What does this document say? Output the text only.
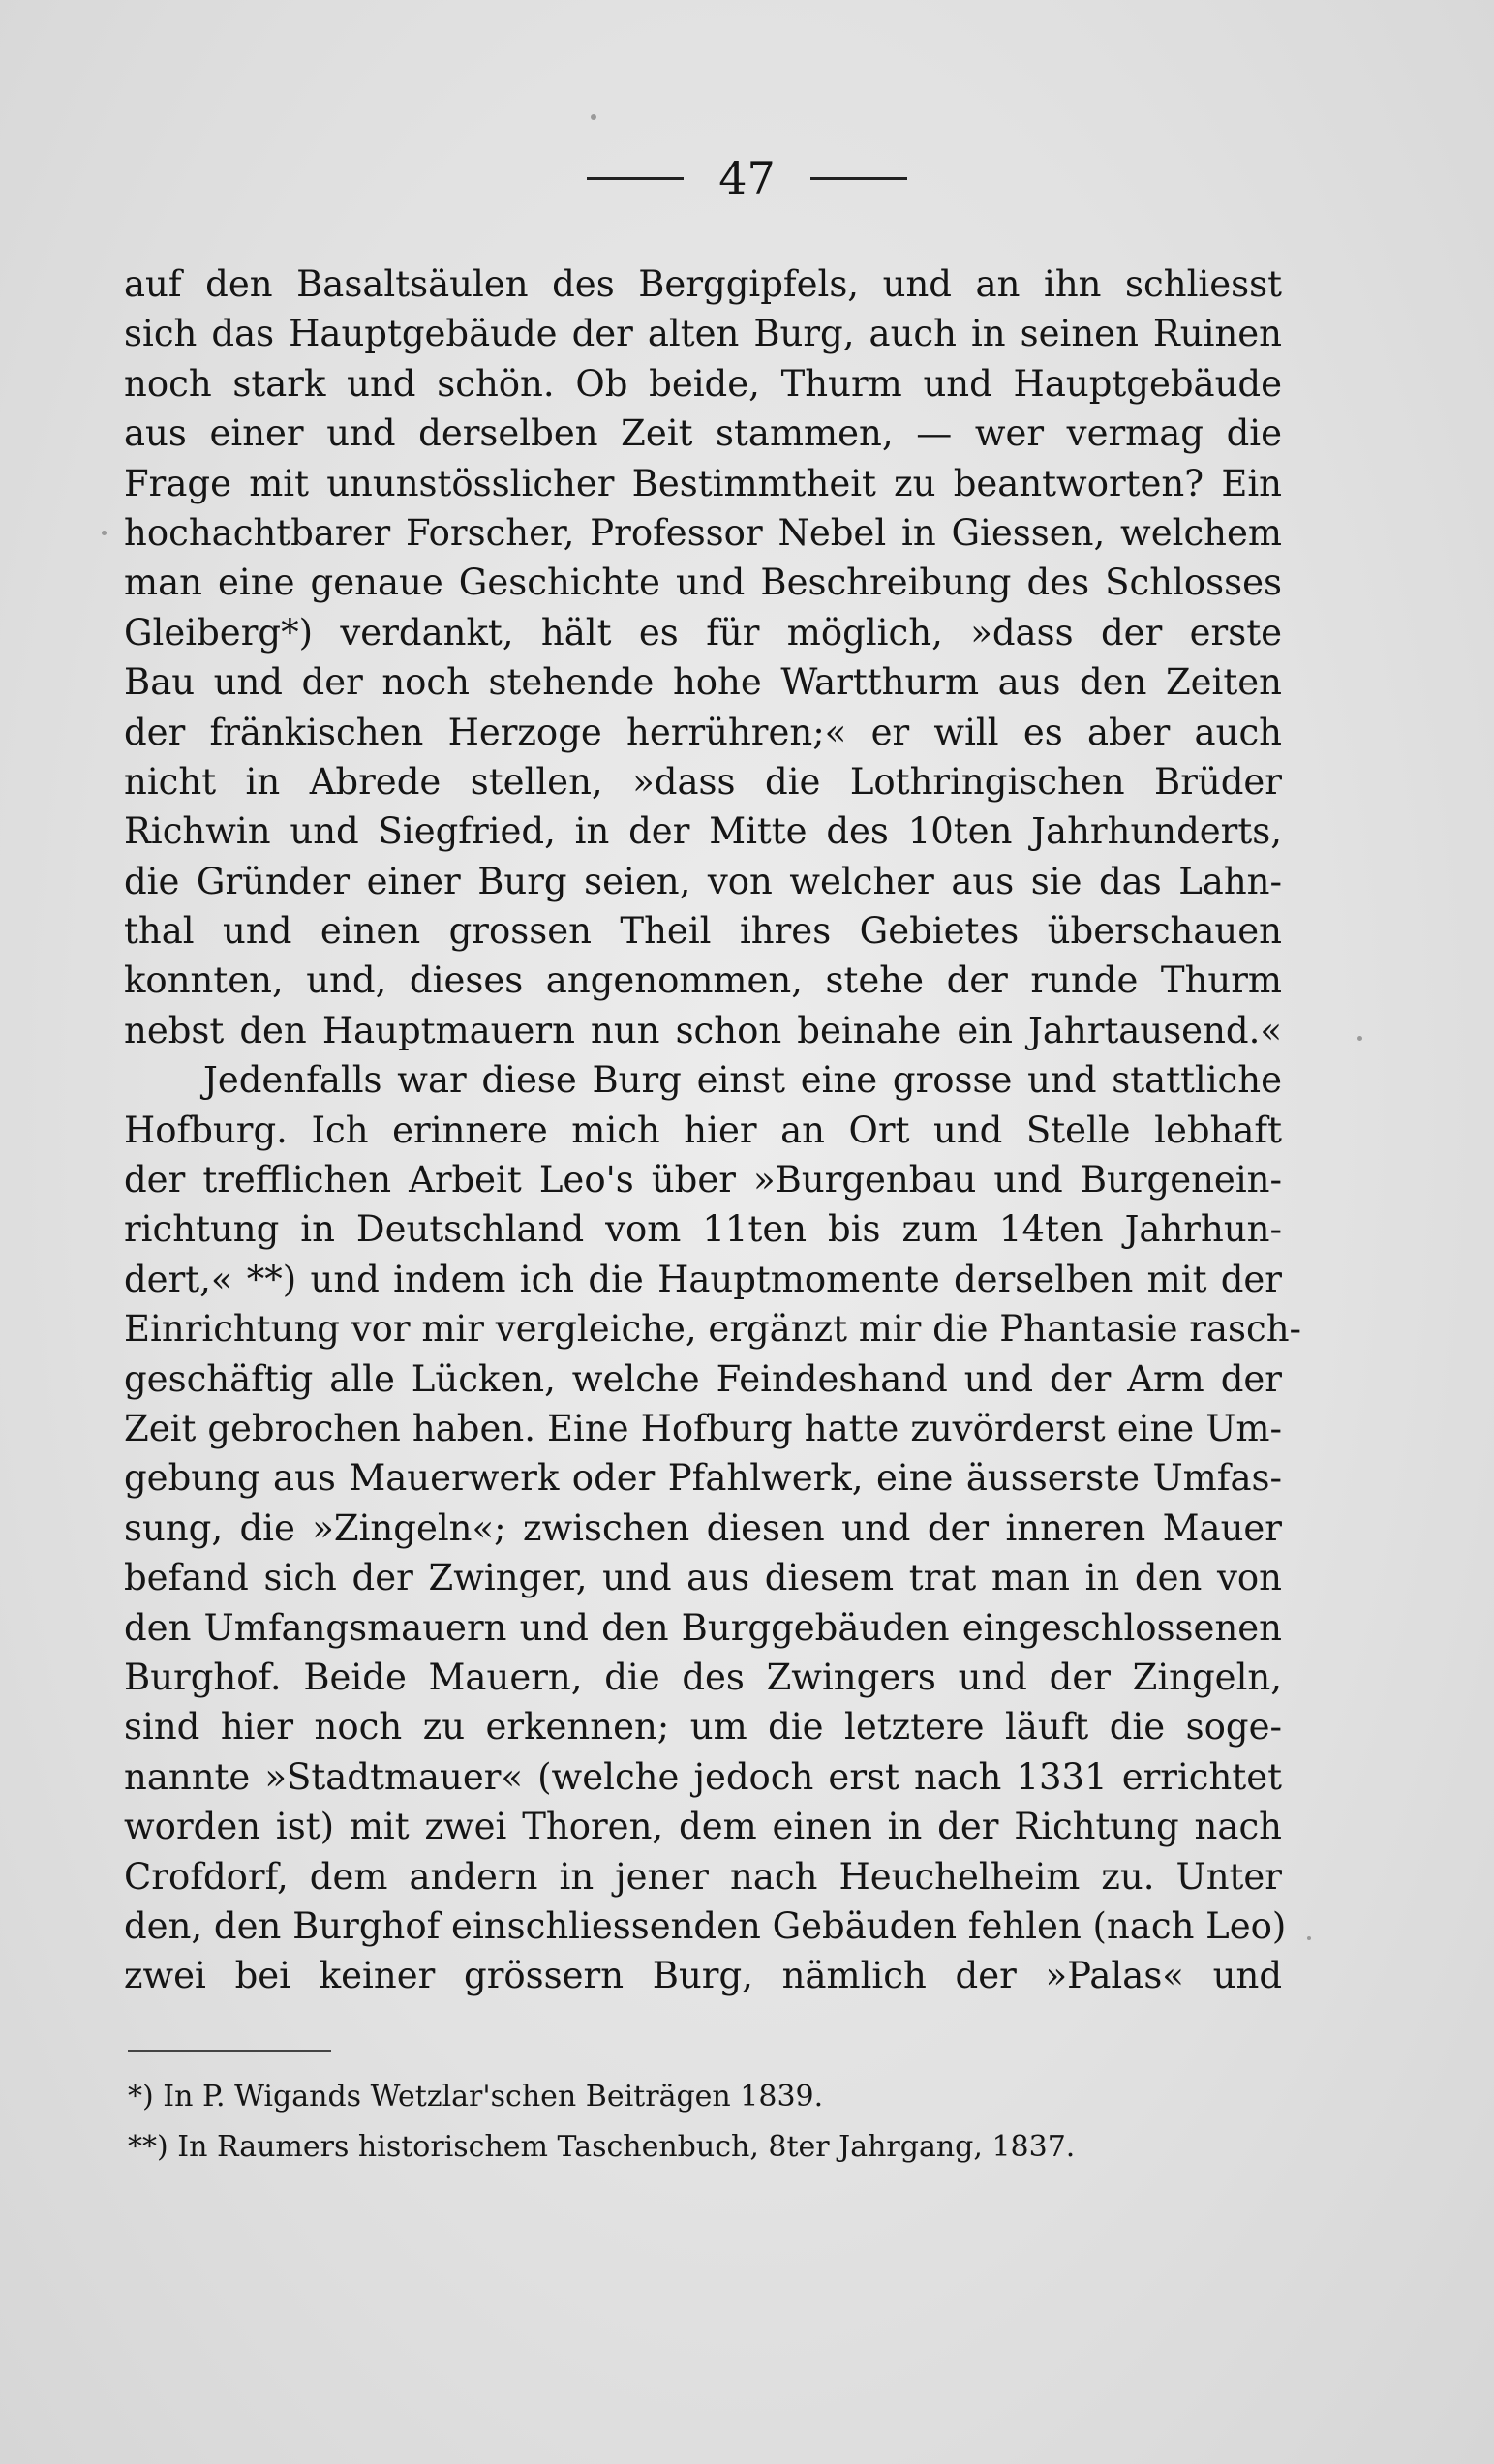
47
auf den Basaltsäulen des Berggipfels, und an ihn schliesst
sich das Hauptgebäude der alten Burg, auch in seinen Ruinen
noch stark und schön. Ob beide, Thurm und Hauptgebäude
aus einer und derselben Zeit stammen, — wer vermag die
Frage mit ununstösslicher Bestimmtheit zu beantworten? Ein
hochachtbarer Forscher, Professor Nebel in Giessen, welchem
man eine genaue Geschichte und Beschreibung des Schlosses
Gleiberg*) verdankt, hält es für möglich, »dass der erste
Bau und der noch stehende hohe Wartthurm aus den Zeiten
der fränkischen Herzoge herrühren;« er will es aber auch
nicht in Abrede stellen, »dass die Lothringischen Brüder
Richwin und Siegfried, in der Mitte des 10ten Jahrhunderts,
die Gründer einer Burg seien, von welcher aus sie das Lahn-
thal und einen grossen Theil ihres Gebietes überschauen
konnten, und, dieses angenommen, stehe der runde Thurm
nebst den Hauptmauern nun schon beinahe ein Jahrtausend.«
Jedenfalls war diese Burg einst eine grosse und stattliche
Hofburg. Ich erinnere mich hier an Ort und Stelle lebhaft
der trefflichen Arbeit Leo's über »Burgenbau und Burgenein-
richtung in Deutschland vom 11ten bis zum 14ten Jahrhun-
dert,« **) und indem ich die Hauptmomente derselben mit der
Einrichtung vor mir vergleiche, ergänzt mir die Phantasie rasch-
geschäftig alle Lücken, welche Feindeshand und der Arm der
Zeit gebrochen haben. Eine Hofburg hatte zuvörderst eine Um-
gebung aus Mauerwerk oder Pfahlwerk, eine äusserste Umfas-
sung, die »Zingeln«; zwischen diesen und der inneren Mauer
befand sich der Zwinger, und aus diesem trat man in den von
den Umfangsmauern und den Burggebäuden eingeschlossenen
Burghof. Beide Mauern, die des Zwingers und der Zingeln,
sind hier noch zu erkennen; um die letztere läuft die soge-
nannte »Stadtmauer« (welche jedoch erst nach 1331 errichtet
worden ist) mit zwei Thoren, dem einen in der Richtung nach
Crofdorf, dem andern in jener nach Heuchelheim zu. Unter
den, den Burghof einschliessenden Gebäuden fehlen (nach Leo)
zwei bei keiner grössern Burg, nämlich der »Palas« und
*) In P. Wigands Wetzlar'schen Beiträgen 1839.
**) In Raumers historischem Taschenbuch, 8ter Jahrgang, 1837.
